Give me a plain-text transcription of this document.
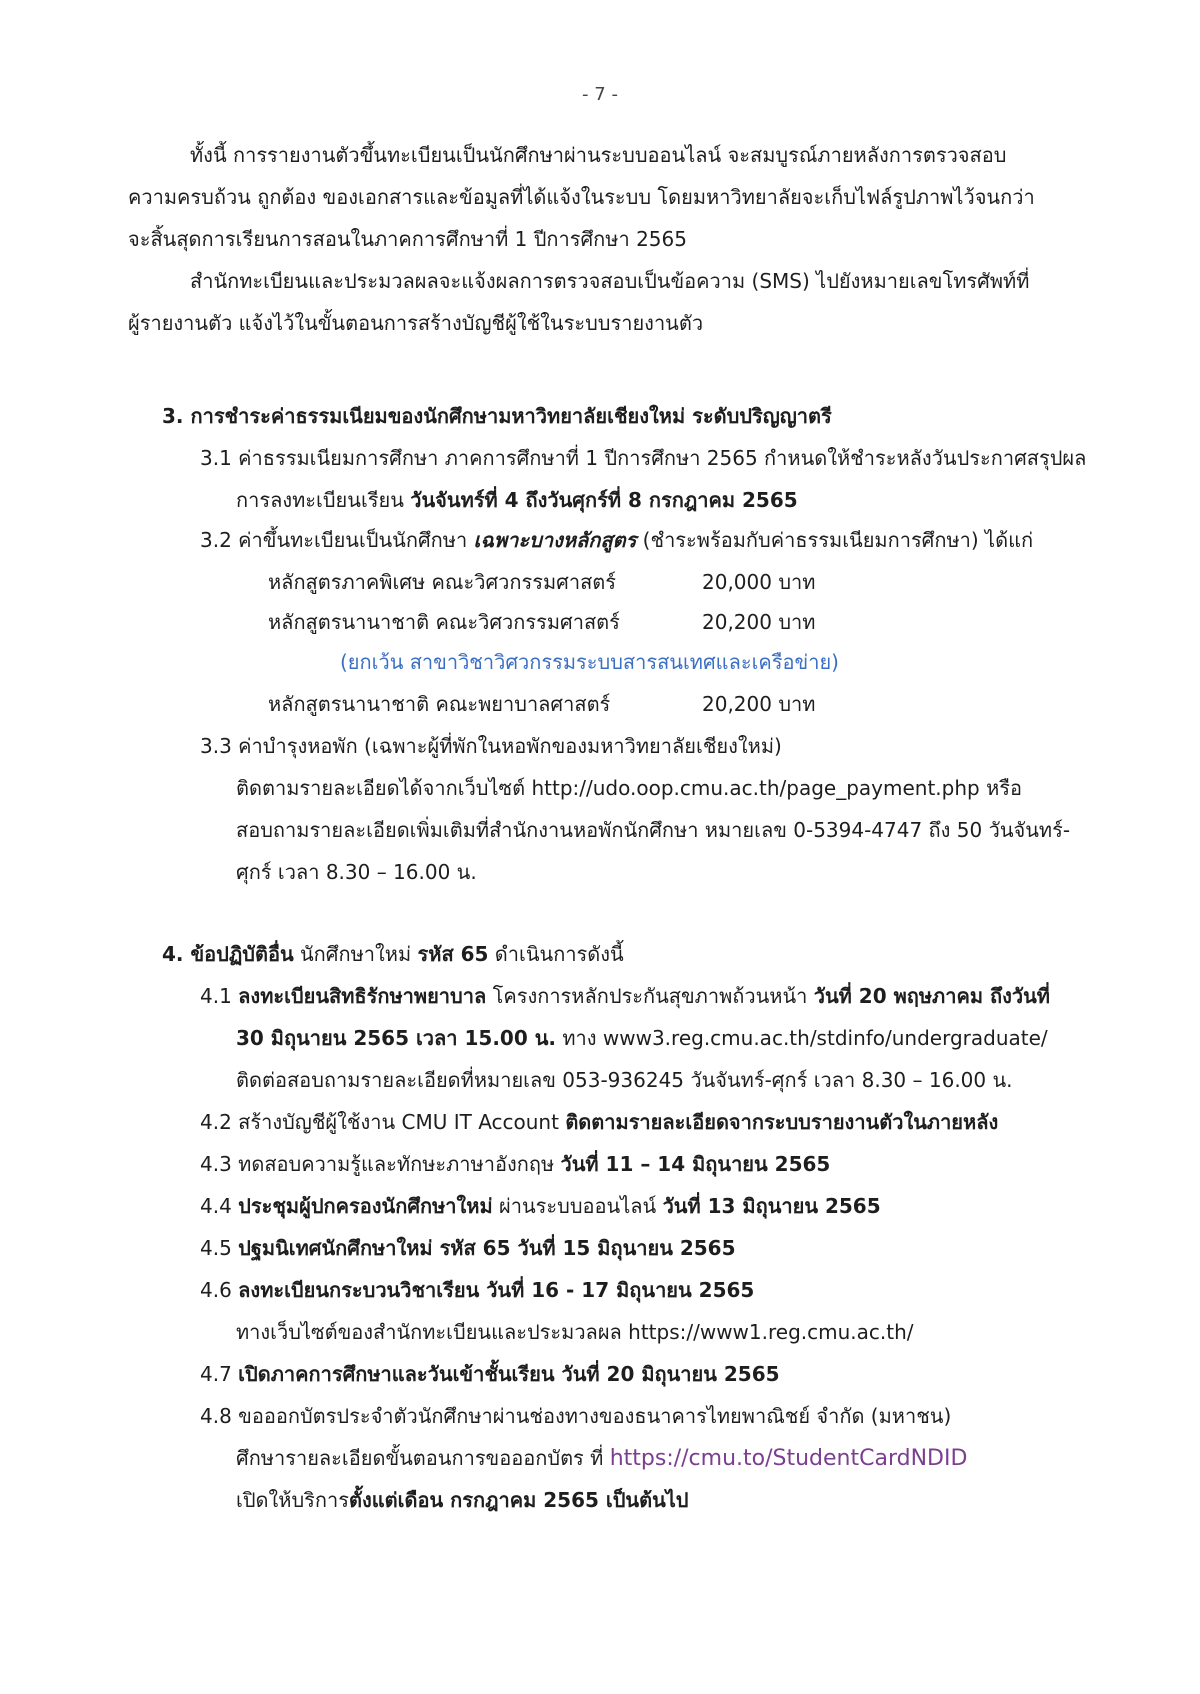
- 7 -
ทั้งนี้ การรายงานตัวขึ้นทะเบียนเป็นนักศึกษาผ่านระบบออนไลน์ จะสมบูรณ์ภายหลังการตรวจสอบ
ความครบถ้วน ถูกต้อง ของเอกสารและข้อมูลที่ได้แจ้งในระบบ โดยมหาวิทยาลัยจะเก็บไฟล์รูปภาพไว้จนกว่า
จะสิ้นสุดการเรียนการสอนในภาคการศึกษาที่ 1 ปีการศึกษา 2565
สำนักทะเบียนและประมวลผลจะแจ้งผลการตรวจสอบเป็นข้อความ (SMS) ไปยังหมายเลขโทรศัพท์ที่
ผู้รายงานตัว แจ้งไว้ในขั้นตอนการสร้างบัญชีผู้ใช้ในระบบรายงานตัว
3. การชำระค่าธรรมเนียมของนักศึกษามหาวิทยาลัยเชียงใหม่ ระดับปริญญาตรี
3.1 ค่าธรรมเนียมการศึกษา ภาคการศึกษาที่ 1 ปีการศึกษา 2565 กำหนดให้ชำระหลังวันประกาศสรุปผล
การลงทะเบียนเรียน วันจันทร์ที่ 4 ถึงวันศุกร์ที่ 8 กรกฎาคม 2565
3.2 ค่าขึ้นทะเบียนเป็นนักศึกษา เฉพาะบางหลักสูตร (ชำระพร้อมกับค่าธรรมเนียมการศึกษา) ได้แก่
หลักสูตรภาคพิเศษ คณะวิศวกรรมศาสตร์	20,000 บาท
หลักสูตรนานาชาติ คณะวิศวกรรมศาสตร์	20,200 บาท
(ยกเว้น สาขาวิชาวิศวกรรมระบบสารสนเทศและเครือข่าย)
หลักสูตรนานาชาติ คณะพยาบาลศาสตร์	20,200 บาท
3.3 ค่าบำรุงหอพัก (เฉพาะผู้ที่พักในหอพักของมหาวิทยาลัยเชียงใหม่)
ติดตามรายละเอียดได้จากเว็บไซต์ http://udo.oop.cmu.ac.th/page_payment.php หรือ
สอบถามรายละเอียดเพิ่มเติมที่สำนักงานหอพักนักศึกษา หมายเลข 0-5394-4747 ถึง 50 วันจันทร์-
ศุกร์ เวลา 8.30 – 16.00 น.
4. ข้อปฏิบัติอื่น นักศึกษาใหม่ รหัส 65 ดำเนินการดังนี้
4.1 ลงทะเบียนสิทธิรักษาพยาบาล โครงการหลักประกันสุขภาพถ้วนหน้า วันที่ 20 พฤษภาคม ถึงวันที่
30 มิถุนายน 2565 เวลา 15.00 น. ทาง www3.reg.cmu.ac.th/stdinfo/undergraduate/
ติดต่อสอบถามรายละเอียดที่หมายเลข 053-936245 วันจันทร์-ศุกร์ เวลา 8.30 – 16.00 น.
4.2 สร้างบัญชีผู้ใช้งาน CMU IT Account ติดตามรายละเอียดจากระบบรายงานตัวในภายหลัง
4.3 ทดสอบความรู้และทักษะภาษาอังกฤษ วันที่ 11 – 14 มิถุนายน 2565
4.4 ประชุมผู้ปกครองนักศึกษาใหม่ ผ่านระบบออนไลน์ วันที่ 13 มิถุนายน 2565
4.5 ปฐมนิเทศนักศึกษาใหม่ รหัส 65 วันที่ 15 มิถุนายน 2565
4.6 ลงทะเบียนกระบวนวิชาเรียน วันที่ 16 - 17 มิถุนายน 2565
ทางเว็บไซต์ของสำนักทะเบียนและประมวลผล https://www1.reg.cmu.ac.th/
4.7 เปิดภาคการศึกษาและวันเข้าชั้นเรียน วันที่ 20 มิถุนายน 2565
4.8 ขอออกบัตรประจำตัวนักศึกษาผ่านช่องทางของธนาคารไทยพาณิชย์ จำกัด (มหาชน)
ศึกษารายละเอียดขั้นตอนการขอออกบัตร ที่ https://cmu.to/StudentCardNDID
เปิดให้บริการตั้งแต่เดือน กรกฎาคม 2565 เป็นต้นไป
